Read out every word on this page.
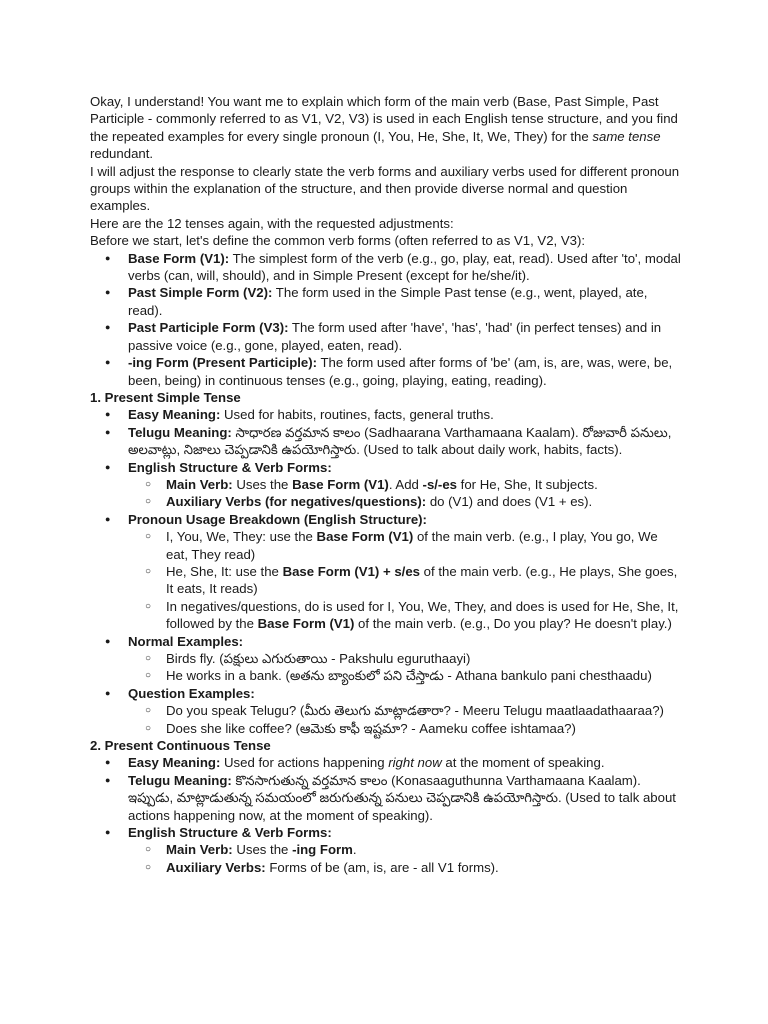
Okay, I understand! You want me to explain which form of the main verb (Base, Past Simple, Past Participle - commonly referred to as V1, V2, V3) is used in each English tense structure, and you find the repeated examples for every single pronoun (I, You, He, She, It, We, They) for the same tense redundant.

I will adjust the response to clearly state the verb forms and auxiliary verbs used for different pronoun groups within the explanation of the structure, and then provide diverse normal and question examples.

Here are the 12 tenses again, with the requested adjustments:

Before we start, let's define the common verb forms (often referred to as V1, V2, V3):

● Base Form (V1): The simplest form of the verb (e.g., go, play, eat, read). Used after 'to', modal verbs (can, will, should), and in Simple Present (except for he/she/it).
● Past Simple Form (V2): The form used in the Simple Past tense (e.g., went, played, ate, read).
● Past Participle Form (V3): The form used after 'have', 'has', 'had' (in perfect tenses) and in passive voice (e.g., gone, played, eaten, read).
● -ing Form (Present Participle): The form used after forms of 'be' (am, is, are, was, were, be, been, being) in continuous tenses (e.g., going, playing, eating, reading).

1. Present Simple Tense

● Easy Meaning: Used for habits, routines, facts, general truths.
● Telugu Meaning: సాధారణ వర్తమాన కాలం (Sadhaarana Varthamaana Kaalam). రోజువారీ పనులు, అలవాట్లు, నిజాలు చెప్పడానికి ఉపయోగిస్తారు. (Used to talk about daily work, habits, facts).
● English Structure & Verb Forms:
○ Main Verb: Uses the Base Form (V1). Add -s/-es for He, She, It subjects.
○ Auxiliary Verbs (for negatives/questions): do (V1) and does (V1 + es).
● Pronoun Usage Breakdown (English Structure):
○ I, You, We, They: use the Base Form (V1) of the main verb. (e.g., I play, You go, We eat, They read)
○ He, She, It: use the Base Form (V1) + s/es of the main verb. (e.g., He plays, She goes, It eats, It reads)
○ In negatives/questions, do is used for I, You, We, They, and does is used for He, She, It, followed by the Base Form (V1) of the main verb. (e.g., Do you play? He doesn't play.)
● Normal Examples:
○ Birds fly. (పక్షులు ఎగురుతాయి - Pakshulu eguruthaayi)
○ He works in a bank. (అతను బ్యాంకులో పని చేస్తాడు - Athana bankulo pani chesthaadu)
● Question Examples:
○ Do you speak Telugu? (మీరు తెలుగు మాట్లాడతారా? - Meeru Telugu maatlaadathaaraa?)
○ Does she like coffee? (ఆమెకు కాఫీ ఇష్టమా? - Aameku coffee ishtamaa?)

2. Present Continuous Tense

● Easy Meaning: Used for actions happening right now at the moment of speaking.
● Telugu Meaning: కొనసాగుతున్న వర్తమాన కాలం (Konasaaguthunna Varthamaana Kaalam). ఇప్పుడు, మాట్లాడుతున్న సమయంలో జరుగుతున్న పనులు చెప్పడానికి ఉపయోగిస్తారు. (Used to talk about actions happening now, at the moment of speaking).
● English Structure & Verb Forms:
○ Main Verb: Uses the -ing Form.
○ Auxiliary Verbs: Forms of be (am, is, are - all V1 forms).
